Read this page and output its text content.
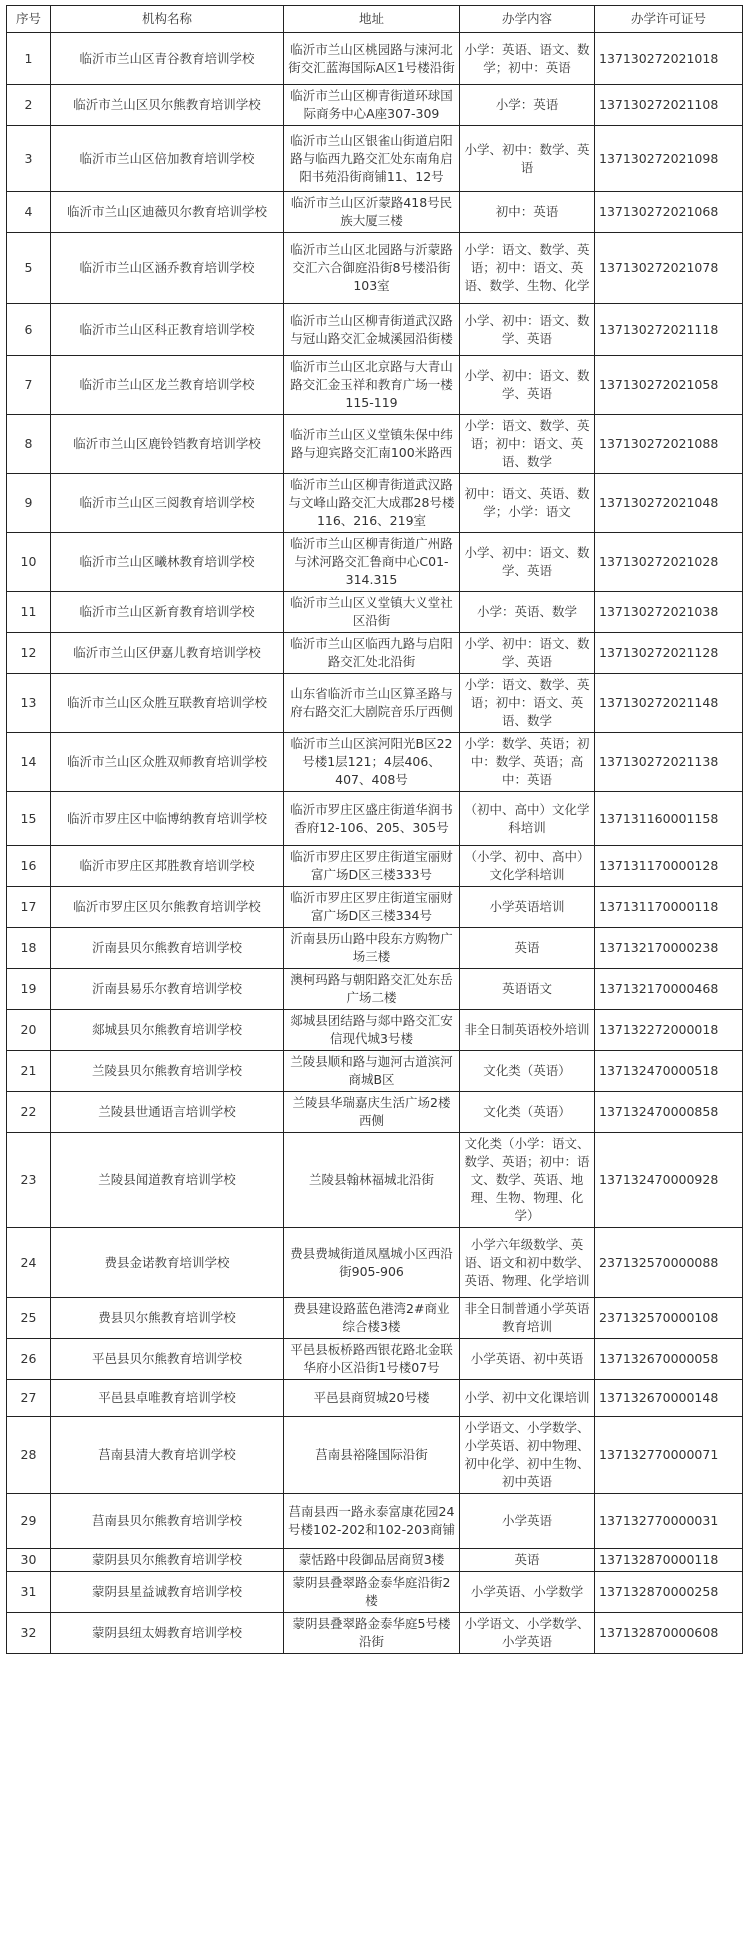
序号	机构名称	地址	办学内容	办学许可证号
1	临沂市兰山区青谷教育培训学校	临沂市兰山区桃园路与涑河北街交汇蓝海国际A区1号楼沿街	小学：英语、语文、数学；初中：英语	137130272021018
2	临沂市兰山区贝尔熊教育培训学校	临沂市兰山区柳青街道环球国际商务中心A座307-309	小学：英语	137130272021108
3	临沂市兰山区倍加教育培训学校	临沂市兰山区银雀山街道启阳路与临西九路交汇处东南角启阳书苑沿街商铺11、12号	小学、初中：数学、英语	137130272021098
4	临沂市兰山区迪薇贝尔教育培训学校	临沂市兰山区沂蒙路418号民族大厦三楼	初中：英语	137130272021068
5	临沂市兰山区涵乔教育培训学校	临沂市兰山区北园路与沂蒙路交汇六合御庭沿街8号楼沿街103室	小学：语文、数学、英语；初中：语文、英语、数学、生物、化学	137130272021078
6	临沂市兰山区科正教育培训学校	临沂市兰山区柳青街道武汉路与冠山路交汇金城溪园沿街楼	小学、初中：语文、数学、英语	137130272021118
7	临沂市兰山区龙兰教育培训学校	临沂市兰山区北京路与大青山路交汇金玉祥和教育广场一楼115-119	小学、初中：语文、数学、英语	137130272021058
8	临沂市兰山区鹿铃铛教育培训学校	临沂市兰山区义堂镇朱保中纬路与迎宾路交汇南100米路西	小学：语文、数学、英语；初中：语文、英语、数学	137130272021088
9	临沂市兰山区三阅教育培训学校	临沂市兰山区柳青街道武汉路与文峰山路交汇大成郡28号楼116、216、219室	初中：语文、英语、数学；小学：语文	137130272021048
10	临沂市兰山区曦林教育培训学校	临沂市兰山区柳青街道广州路与沭河路交汇鲁商中心C01-314.315	小学、初中：语文、数学、英语	137130272021028
11	临沂市兰山区新育教育培训学校	临沂市兰山区义堂镇大义堂社区沿街	小学：英语、数学	137130272021038
12	临沂市兰山区伊嘉儿教育培训学校	临沂市兰山区临西九路与启阳路交汇处北沿街	小学、初中：语文、数学、英语	137130272021128
13	临沂市兰山区众胜互联教育培训学校	山东省临沂市兰山区算圣路与府右路交汇大剧院音乐厅西侧	小学：语文、数学、英语；初中：语文、英语、数学	137130272021148
14	临沂市兰山区众胜双师教育培训学校	临沂市兰山区滨河阳光B区22号楼1层121；4层406、407、408号	小学：数学、英语；初中：数学、英语；高中：英语	137130272021138
15	临沂市罗庄区中临博纳教育培训学校	临沂市罗庄区盛庄街道华润书香府12-106、205、305号	（初中、高中）文化学科培训	137131160001158
16	临沂市罗庄区邦胜教育培训学校	临沂市罗庄区罗庄街道宝丽财富广场D区三楼333号	（小学、初中、高中）文化学科培训	137131170000128
17	临沂市罗庄区贝尔熊教育培训学校	临沂市罗庄区罗庄街道宝丽财富广场D区三楼334号	小学英语培训	137131170000118
18	沂南县贝尔熊教育培训学校	沂南县历山路中段东方购物广场三楼	英语	137132170000238
19	沂南县易乐尔教育培训学校	澳柯玛路与朝阳路交汇处东岳广场二楼	英语语文	137132170000468
20	郯城县贝尔熊教育培训学校	郯城县团结路与郯中路交汇安信现代城3号楼	非全日制英语校外培训	137132272000018
21	兰陵县贝尔熊教育培训学校	兰陵县顺和路与迦河古道滨河商城B区	文化类（英语）	137132470000518
22	兰陵县世通语言培训学校	兰陵县华瑞嘉庆生活广场2楼西侧	文化类（英语）	137132470000858
23	兰陵县闻道教育培训学校	兰陵县翰林福城北沿街	文化类（小学：语文、数学、英语；初中：语文、数学、英语、地理、生物、物理、化学）	137132470000928
24	费县金诺教育培训学校	费县费城街道凤凰城小区西沿街905-906	小学六年级数学、英语、语文和初中数学、英语、物理、化学培训	237132570000088
25	费县贝尔熊教育培训学校	费县建设路蓝色港湾2#商业综合楼3楼	非全日制普通小学英语教育培训	237132570000108
26	平邑县贝尔熊教育培训学校	平邑县板桥路西银花路北金联华府小区沿街1号楼07号	小学英语、初中英语	137132670000058
27	平邑县卓唯教育培训学校	平邑县商贸城20号楼	小学、初中文化课培训	137132670000148
28	莒南县清大教育培训学校	莒南县裕隆国际沿街	小学语文、小学数学、小学英语、初中物理、初中化学、初中生物、初中英语	137132770000071
29	莒南县贝尔熊教育培训学校	莒南县西一路永泰富康花园24号楼102-202和102-203商铺	小学英语	137132770000031
30	蒙阴县贝尔熊教育培训学校	蒙恬路中段御品居商贸3楼	英语	137132870000118
31	蒙阴县星益诚教育培训学校	蒙阴县叠翠路金泰华庭沿街2楼	小学英语、小学数学	137132870000258
32	蒙阴县纽太姆教育培训学校	蒙阴县叠翠路金泰华庭5号楼沿街	小学语文、小学数学、小学英语	137132870000608
